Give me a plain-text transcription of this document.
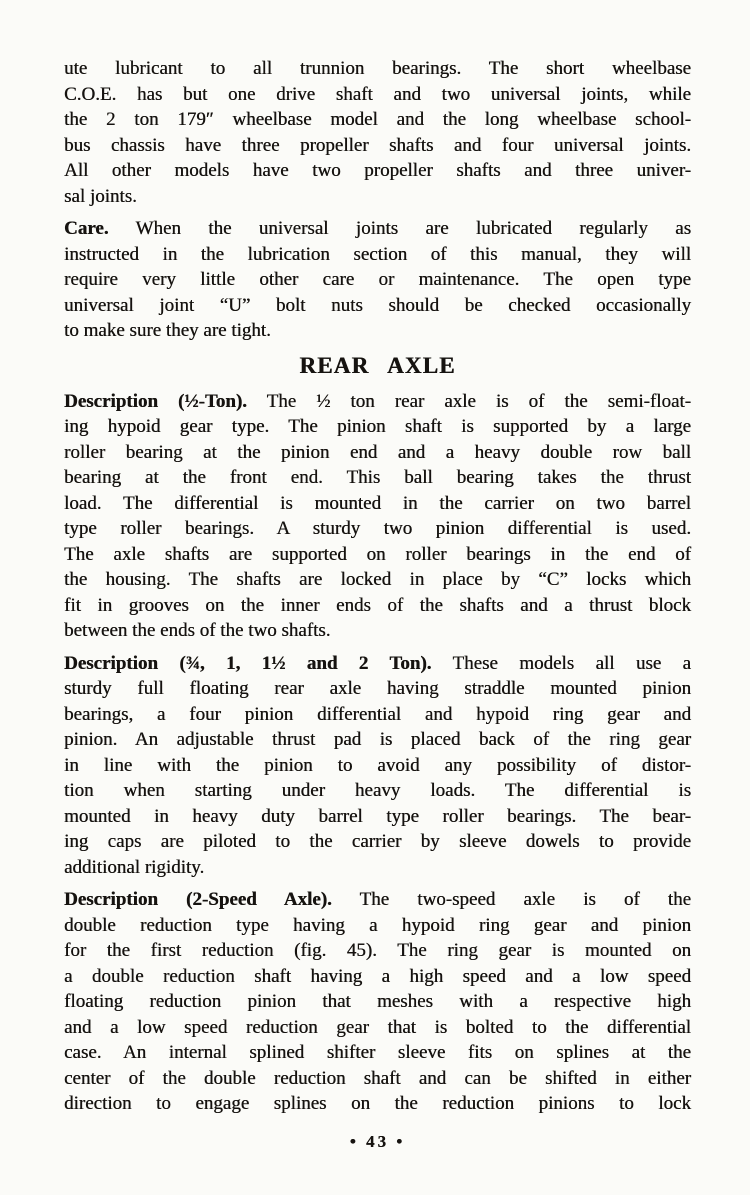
ute lubricant to all trunnion bearings. The short wheelbase
C.O.E. has but one drive shaft and two universal joints, while
the 2 ton 179″ wheelbase model and the long wheelbase school-
bus chassis have three propeller shafts and four universal joints.
All other models have two propeller shafts and three univer-
sal joints.
Care. When the universal joints are lubricated regularly as
instructed in the lubrication section of this manual, they will
require very little other care or maintenance. The open type
universal joint “U” bolt nuts should be checked occasionally
to make sure they are tight.
REAR AXLE
Description (½-Ton). The ½ ton rear axle is of the semi-float-
ing hypoid gear type. The pinion shaft is supported by a large
roller bearing at the pinion end and a heavy double row ball
bearing at the front end. This ball bearing takes the thrust
load. The differential is mounted in the carrier on two barrel
type roller bearings. A sturdy two pinion differential is used.
The axle shafts are supported on roller bearings in the end of
the housing. The shafts are locked in place by “C” locks which
fit in grooves on the inner ends of the shafts and a thrust block
between the ends of the two shafts.
Description (¾, 1, 1½ and 2 Ton). These models all use a
sturdy full floating rear axle having straddle mounted pinion
bearings, a four pinion differential and hypoid ring gear and
pinion. An adjustable thrust pad is placed back of the ring gear
in line with the pinion to avoid any possibility of distor-
tion when starting under heavy loads. The differential is
mounted in heavy duty barrel type roller bearings. The bear-
ing caps are piloted to the carrier by sleeve dowels to provide
additional rigidity.
Description (2-Speed Axle). The two-speed axle is of the
double reduction type having a hypoid ring gear and pinion
for the first reduction (fig. 45). The ring gear is mounted on
a double reduction shaft having a high speed and a low speed
floating reduction pinion that meshes with a respective high
and a low speed reduction gear that is bolted to the differential
case. An internal splined shifter sleeve fits on splines at the
center of the double reduction shaft and can be shifted in either
direction to engage splines on the reduction pinions to lock
• 43 •
